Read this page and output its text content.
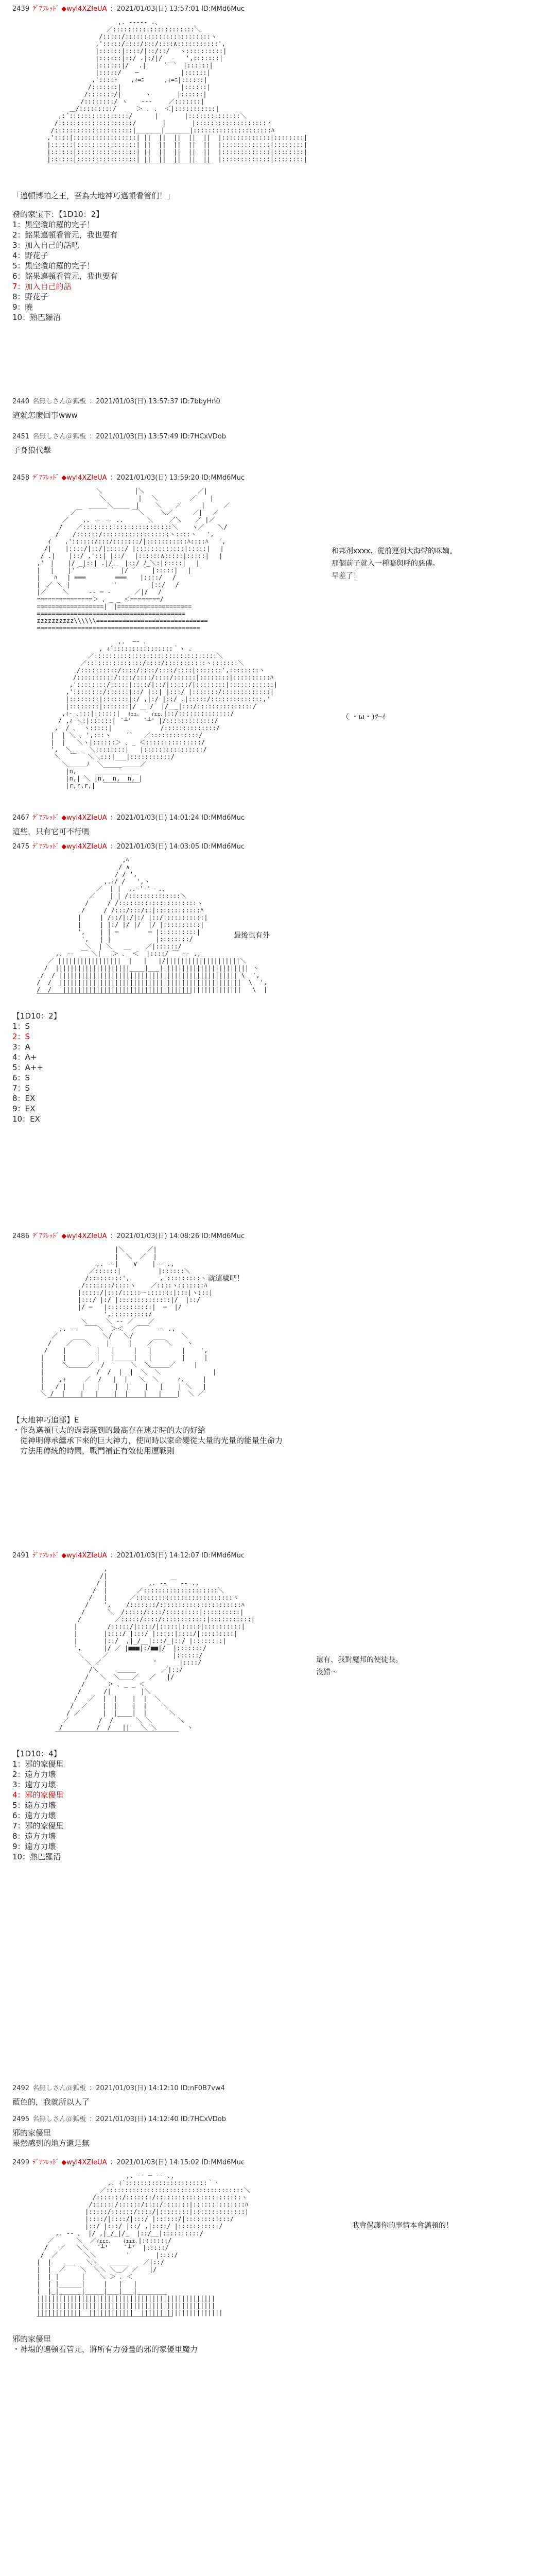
2439 ﾃﾞｱﾌﾚｯﾄﾞ ◆wyl4XZIeUA ：2021/01/03(日) 13:57:01 ID:MMd6Muc
,. ----- .、
／::::::::::::::::::::::＼
/:::::/:::::::::::::::::::::::ヽ
,':::::/::::/:::/::::∧:::::::::::',
|::::::|::::/|::/::/ 　ヽ::::::::::|
|::::::|::/ .|:/|/  ＿　 ',:::::::|
|::::::|/　 .|'　  ´￣`　|::::::|
|:::::/ 　 ─ 　　 　　 　|::::::|
,'::::ﾄ 　 ,ｨ=ﾆ 　　 ,ｨ=ﾆ|::::::|
/:::::::| 　　  　 　　 　 |::::::|
/:::::::/| 　　  ヽ　　 　 |::::::|
/::::::::/ ヽ　  ‐-‐　　 ／:::::::|
＿/:::::::::/　 　 ＞ . .  ＜|:::::::::::|
,:´::::::::::::::::/　　 　|　 　 　|::::::::::::::＼
/::::::::::::::::::::/ 　　 　| 　　 　|:::::::::::::::::::ヽ
/:::::::::::::::::::::|＿＿＿＿|＿＿＿＿|:::::::::::::::::::::ﾊ
,'::::|:::::::::::::::::| ||  ||  ||  ||  ||  |:::::::::::::|::::::::|
|::::::|::::::::::::::::| ||  ||  ||  ||  ||  |:::::::::::::|::::::::|
|::::::|::::::::::::::::| ||  ||  ||  ||  ||  |:::::::::::::|::::::::|
|::::::|::::::::::::::::| ||  ||  ||  ||  ||  |:::::::::::::|::::::::|
￣￣￣￣￣￣￣￣￣￣￣￣￣￣￣￣￣￣￣￣￣￣￣￣￣￣￣
「邁頓博帕之王，吾為大地神巧邁頓看管们！」
務的家宝下：【1D10：2】
1：黒空瓊珀羅的完子！
2：銘果邁頓看管元，我也要有
3：加入自己的話吧
4：野花子
5：黒空瓊珀羅的完子！
6：銘果邁頓看管元，我也要有
7：加入自己的話
8：野花子
9：暁
10：熟巴羅沼
2440 名無しさん＠狐板 ：2021/01/03(日) 13:57:37 ID:7bbyHn0
這就怎麼回事www
2451 名無しさん＠狐板 ：2021/01/03(日) 13:57:49 ID:7HCxVDob
子身狼代擊
2458 ﾃﾞｱﾌﾚｯﾄﾞ ◆wyl4XZIeUA ：2021/01/03(日) 13:59:20 ID:MMd6Muc
＼　　　 　 |＼　　　　　 　　　／|
　 　 　 ＼　　　 　 | 　＼　 　　　 ／ 　 |
＿＿＿＼＿＿_　|　　 ＼ 　 ／　 　 |　　　／
／￣　 　 　 　 　 ￣＼ 　　＼／ 　　 ／|　 ／
／ 　 ,. -‐ ‐- .. 　 　 ＼　　 ／＼ 　 ／ |／
/ 　 ／::::::::::::::::::::::::＼ 　 ヽ／ 　 ＼/
/ 　 /::::::/::::::::::::::::::ヽ::::ヽ　 ',
ｲ 　 ,'::::::/:::/:::::::/|:::::::::::ﾊ::::ﾊ　 ',
/| 　 |::::/|::/|:::::/ |:::::::::::::|:::::|　 |
/ .| 　 |::/ ,'::| |::/ 　|::::::∧:::::|:::::|　 |
,'　| 　 |/ _|::| .|/＿　|::/ ﾉ_＼:|:::::| 　|
|　 | 　 |'｀´￣ 　 ￣`　|/ ´￣｀ |:::::|　 |
|  　ﾊ　 | ═══ 　 　 　═══ 　 |::::/　 /
|　／ ＼ | 　 　 　 　 ' 　 　 　 |::/ 　/
|／　　 ＼　 　 ‐- ─ ‐ 　 　 ／|/　 /
===============＞ ､ _ _ ＜========/
==================|　|====================
========================================
zzzzzzzzzz\\\\\\==============================
============================================
和邦剤xxxx、從前運到大海聲的咪嫡。
那個前子就入一種暗與呼的惡傳。
早差了！
,.  ─- ､
, ｨ´::::::::::::::::｀ヽ ､
／:::::::::::::::::::::::::::::::::＼
／:::::::::::::::/::::/:::::::::::ヽ:::::::＼
/::::::::::/::::/::::/::::/::::|:::::::',::::::::ヽ
/::::::::::/::::/::::/::::/::::::|::::::::|::::::::::ﾊ
,'::::::::/:::::|::::/|::/|:::::/|::::::::|::::::::::::|
,'::::::::/::::::|::/ |::| |:::/ |:::::::/:::::::::::::|
|::::::::|:::::::|:/ ,|:/ |::/ .|:::::/::::::::::::::,'
|::::::::|:::::::|/ ＿|/  |/＿_|:::/:::::::::::::::/
,ｨ‐ ､:::|::::::|  ｨｪｪ､   ｨｪｪ､|::/::::::::::::::/
/ ,ｨ ＼:|::::::|  ﾞ┴'    ﾞ┴' |/:::::::::::::/
,' / ､  ヽ:::::|             /::::::::::::::/
|  | ＼ ､ ',:::ヽ    ´`   ／:::::::::::::/
|  |   ＼ヽ|::::::＞ ､ _ ＜:::::::::::::::/
',  ＼　 _ ＼::::::::|   |::::::::::::::::/
＼ 　￣   ＼＼:::|___|:::::::::::/
＼＿＿＿ﾉ  ＼_____＿＿＿／
|n,     ＿＿＿＿＿＿＿
|n,| ＼ |n,  n,  n, |
|r,r,r,|  ￣￣￣￣￣￣
（ ・ω・)ﾂｰｲ
2467 ﾃﾞｱﾌﾚｯﾄﾞ ◆wyl4XZIeUA ：2021/01/03(日) 14:01:24 ID:MMd6Muc
這些，只有它可不行嗎
2475 ﾃﾞｱﾌﾚｯﾄﾞ ◆wyl4XZIeUA ：2021/01/03(日) 14:03:05 ID:MMd6Muc
,ﾍ
/ ∧
/ / ',
,.ｨ/ /   ',ヽ
／  | |  ,.-'-'- .、
／    | | /::::::::::::::＼
/     / /:::::::::::::::::::::ヽ
/     / /:::/:::/::|::::::::::::ﾊ
|     | /::/|:/|:/ |::/|::::::::::|
|     | |:/ |/ |/  |/ |::::::::::|
',    | | ─        ─ |::::::::::|
',   | |            |::::::::/
＼  | ＼   __    ／|::::::/
,. -‐  ￣ ＼|   ＞ ､_ ＜  |::::/ ￣ ‐- .,
／ |||||||||||||||||  |   |   |/||||||||||||||||||||＼
/  ||||||||||||||||||||____|___|||||||||||||||||||||||| ヽ
/  / |||||||||||||||||||||||||||||||||||||||||||||||| \  ',
/  /  |||||||||||||||||||||||||||||||||||||||||||||||||  \  ',
/  /   ||||||||||||||||||||||||||||||||||||||||||||||||   \  |
￣￣￣￣￣￣￣￣￣￣￣￣￣￣￣￣￣￣￣￣￣￣￣￣￣
最後也有外
【1D10：2】
1：S
2：S
3：A
4：A+
5：A++
6：S
7：S
8：EX
9：EX
10：EX
2486 ﾃﾞｱﾌﾚｯﾄﾞ ◆wyl4XZIeUA ：2021/01/03(日) 14:08:26 ID:MMd6Muc
|＼      ／|
|  ＼  ／  |
,. -‐|    ∨    |‐- .,
／::::::|          |::::::＼
/:::::::::',        ,':::::::::ヽ
/:::::::/::::ヽ    ／::::ヽ:::::::ﾊ
|:::::/|:::/:::::ー:::::::|:::|ヽ:::|
|:::/ |:/ |::::::::::::::|/  |::/
|/ ─   |::::::::::::|  ─  |/
',::::::::::/
＼     ＼ ‐‐ ／    ／
,. -‐  ￣￣＼  ＞＜  ／￣￣  ‐- .,
／            ＼/   ＼/             ＼
/    ／￣￣＼    |     |    ／￣￣＼    ヽ
/    |        |   |     |   |        |    ',
|     |        |   |_____|   |        |     |
|     ＼＿＿＿／  /       ＼  ＼＿＿＿／     |
|              /  /  |  |  ＼  ＼              |
|    ,ｨ     ／  /   |  |   ＼  ＼     ｨ,     |
|   / |    |   |    |  |    |   |    | ＼   |
＼ /  |    |   |    |  |    |   |    |  ＼ ／
￣￣￣￣￣￣￣￣￣￣￣￣￣￣￣￣￣￣￣￣￣
就這樣吧！
【大地神巧追部】E
・作為邁頓巨大的過壽運到的最高存在迷走時的大的好給
　從神明傳承繼承下來的巨大神力，使同時以家命變從大量的光量的能量生命力
　方法用傳統的時間，戰鬥補正有效使用運戰則
2491 ﾃﾞｱﾌﾚｯﾄﾞ ◆wyl4XZIeUA ：2021/01/03(日) 14:12:07 ID:MMd6Muc
,
/|
/ |           ,. -‐ ￣ ‐- .,
/  |        ／::::::::::::::::::::＼
/   |      ／::::::::::::::::::::::::::ヽ
/    ',    /:::::::/::::::::::::::::::::::ﾊ
/      ＼  /:::::/::::/:::::::::|::::::::::|
/         ／:::::/::::/::::::::::::|:::::::::::|
|        /:::::/|::::/|:::::|:::::|::::::::::|
|       |::::/ |:::/ |:::::|::::/|:::::::::|
|       |::/  ,|_/__|:::/_|::/ |::::::::|
',      |/ ／ |■■■|:/■■|/  |:::::::/
＼     ／    ￣￣￣  ￣￣   |::::::/
＼ ／              '      |::::/
/＼     ＿＿＿       ／|::/
/   ＼  ＼＿＿／   ／   |/
/      ＞ ､ _ _ ＜
/      /|        |＼
/   ／  |  |    |  |  ＼
/  ／    |  |    |  |    ＼
/ ／      |  |____|  |      ＼
／        /  /      ＼ ＼       ＼
/         /  /   ||   ＼ ＼        ヽ
￣￣￣￣￣￣￣￣￣￣￣￣￣￣￣￣￣￣￣￣
還有、我對魔邦的使徒長。
沒錯～
【1D10：4】
1：邪的家優里
2：遠方力壊
3：遠方力壊
4：邪的家優里
5：遠方力壊
6：遠方力壊
7：邪的家優里
8：遠方力壊
9：遠方力壊
10：熟巴羅沼
2492 名無しさん＠狐板 ：2021/01/03(日) 14:12:10 ID:nF0B7vw4
藍色的，我就所以人了
2495 名無しさん＠狐板 ：2021/01/03(日) 14:12:40 ID:7HCxVDob
邪的家優里
果然感到的地方還是無
2499 ﾃﾞｱﾌﾚｯﾄﾞ ◆wyl4XZIeUA ：2021/01/03(日) 14:15:02 ID:MMd6Muc
,. -‐ ─ ‐- .,
,. ｨ´::::::::::::::::::::::｀ヽ
／:::::::::::::::::::::::::::::::::::::＼
/:::::::/:::::::/:::::::::::::::::::::::ヽ
/::::::/::::::/::::/:::::::|::::::::::::::ﾊ
|:::::/::::::/::::/|::::::::|::::::::::::::|
|::::/|::::/|:::/ |::::::/|::::::::::::/
|::/ |:::/ |::/ ,|::::/ |:::::::::::/
,. -‐ ､  |/ ,|_/_|/_  |::/__|::::::::::/
／      ＼  ／ｨｪｪｪ､   ｨｪｪｪ､|:::::::/
/   ／   ＼＼   ﾞ┴'     ﾞ┴'  |:::::/
/  ／       ＼＼        '       |::::/
|  |   ＿＿   ＼＼   ＿＿＿    ／|::/
|  |  ／    ＼  ＼＼ ＼＿／ ／   |/
|  | |      |    ＼ ＞ ､_＜
|  | |______|     |   |   |
|  |_|______|_____|___|___|________
||||||||||||||||||||||||||||||||||||||||||||||||
||||||||||||||||||||||||||||||||||||||||||||||||
||||||||||||  ||||||||||||  ||||||||||||||||||||||
￣￣￣￣￣￣￣￣￣￣￣￣￣￣￣￣￣￣￣￣￣￣
我會保護你的事情本會邁頓的！
邪的家優里
・神場的邁頓看管元，將所有力發量的邪的家優里魔力
